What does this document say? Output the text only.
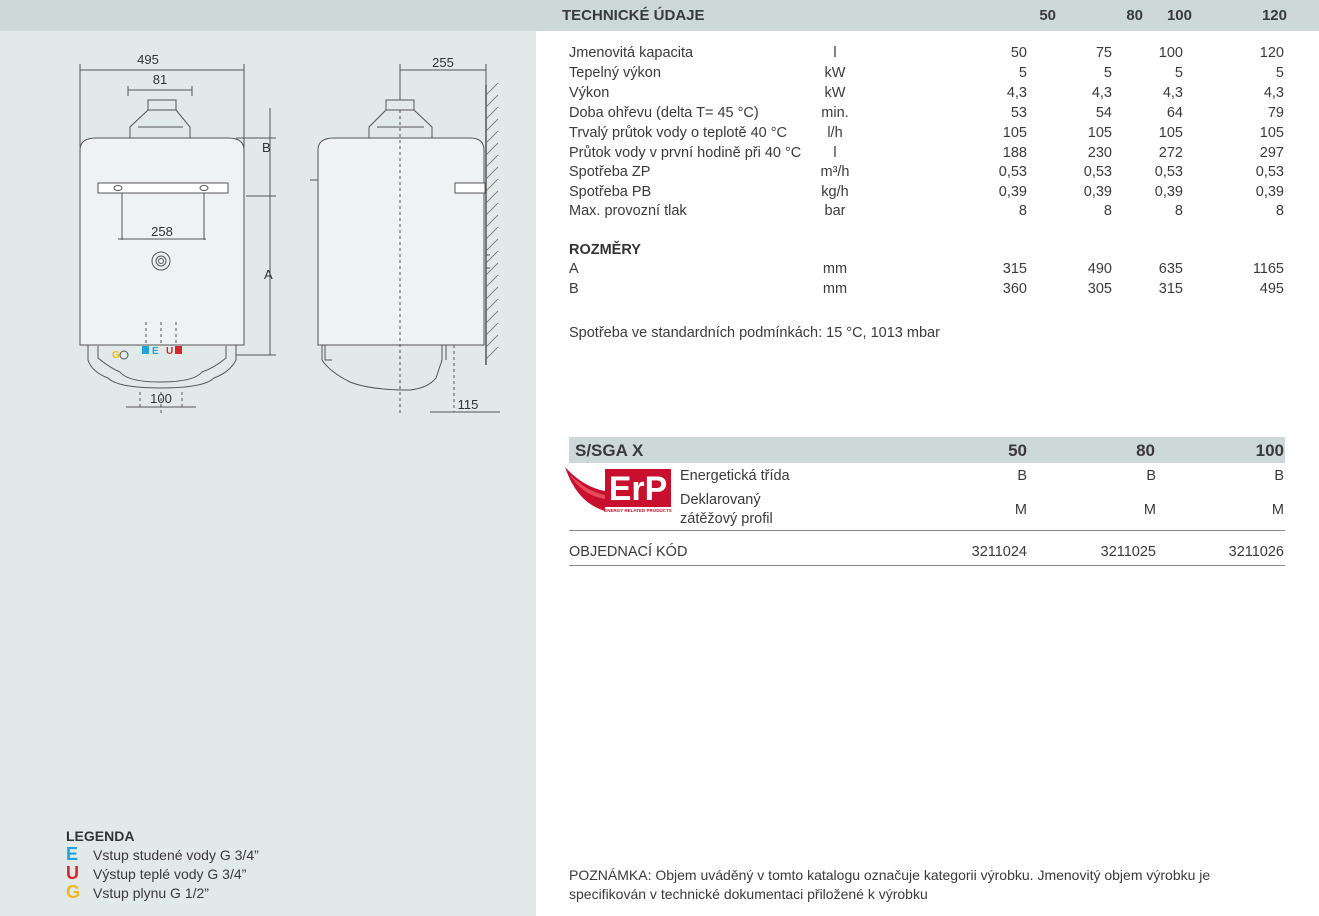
495
81
255
B
A
258
100	115
G	E U
LEGENDA
E	Vstup studené vody G 3/4”
U	Výstup teplé vody G 3/4”
G Vstup plynu G 1/2”
TECHNICKÉ ÚDAJE	50	80 100	120
Jmenovitá kapacita	l	50	75	100	120
Tepelný výkon	kW	5	5	5	5
Výkon	kW	4,3	4,3	4,3	4,3
Doba ohřevu (delta T= 45 °C)	min.	53	54	64	79
Trvalý průtok vody o teplotě 40 °C	l/h	105	105	105	105
Průtok vody v první hodině při 40 °C	l	188	230	272	297
Spotřeba ZP	m³/h	0,53	0,53	0,53	0,53
Spotřeba PB	kg/h	0,39	0,39	0,39	0,39
Max. provozní tlak	bar	8	8	8	8
ROZMĚRY
A	mm	315	490	635	1165
B	mm	360	305	315	495
Spotřeba ve standardních podmínkách: 15 °C, 1013 mbar
S/SGA X	50	80	100
ErP
ENERGY RELATED PRODUCTS
Energetická třída	B	B	B
Deklarovaný
zátěžový profil
M	M	M
OBJEDNACÍ KÓD	3211024	3211025	3211026
POZNÁMKA: Objem uváděný v tomto katalogu označuje kategorii výrobku. Jmenovitý objem výrobku je specifikován v technické dokumentaci přiložené k výrobku
